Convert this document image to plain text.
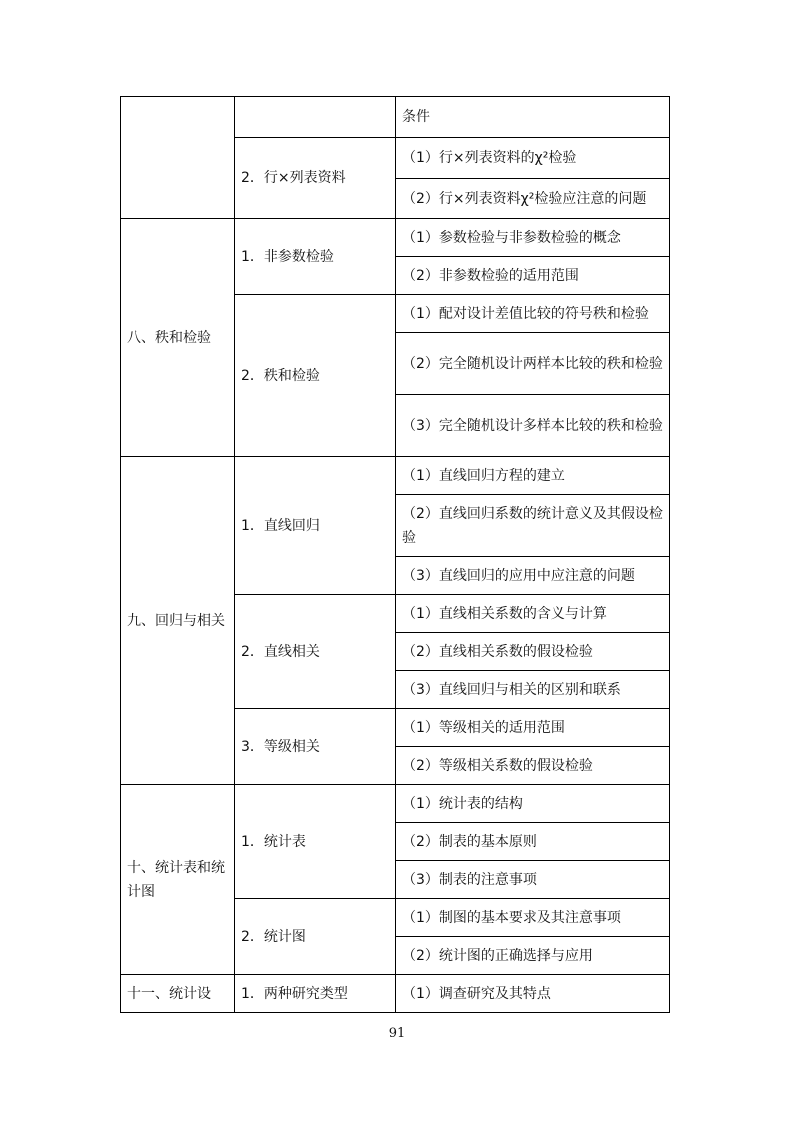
		条件
	2．行×列表资料	（1）行×列表资料的χ²检验
		（2）行×列表资料χ²检验应注意的问题
八、秩和检验	1．非参数检验	（1）参数检验与非参数检验的概念
		（2）非参数检验的适用范围
	2．秩和检验	（1）配对设计差值比较的符号秩和检验
		（2）完全随机设计两样本比较的秩和检验
		（3）完全随机设计多样本比较的秩和检验
九、回归与相关	1．直线回归	（1）直线回归方程的建立
		（2）直线回归系数的统计意义及其假设检验
		（3）直线回归的应用中应注意的问题
	2．直线相关	（1）直线相关系数的含义与计算
		（2）直线相关系数的假设检验
		（3）直线回归与相关的区别和联系
	3．等级相关	（1）等级相关的适用范围
		（2）等级相关系数的假设检验
十、统计表和统计图	1．统计表	（1）统计表的结构
		（2）制表的基本原则
		（3）制表的注意事项
	2．统计图	（1）制图的基本要求及其注意事项
		（2）统计图的正确选择与应用
十一、统计设	1．两种研究类型	（1）调查研究及其特点
91
